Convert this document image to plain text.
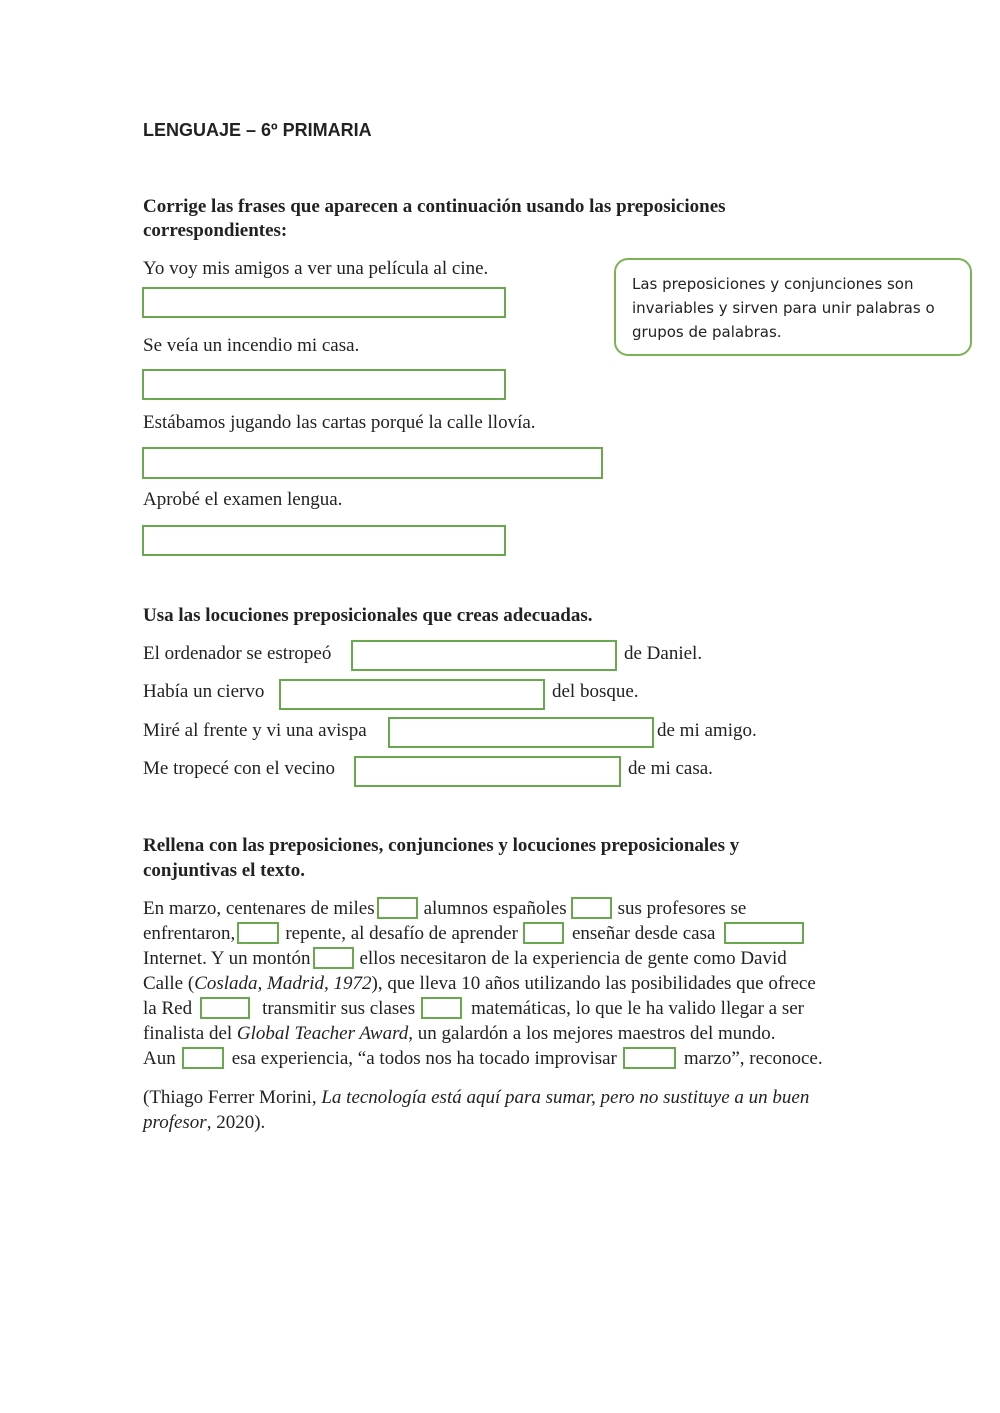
LENGUAJE – 6º PRIMARIA
Corrige las frases que aparecen a continuación usando las preposiciones
correspondientes:
Yo voy mis amigos a ver una película al cine.
Se veía un incendio mi casa.
Estábamos jugando las cartas porqué la calle llovía.
Aprobé el examen lengua.
Las preposiciones y conjunciones son
invariables y sirven para unir palabras o
grupos de palabras.
Usa las locuciones preposicionales que creas adecuadas.
El ordenador se estropeó	de Daniel.
Había un ciervo	del bosque.
Miré al frente y vi una avispa	de mi amigo.
Me tropecé con el vecino	de mi casa.
Rellena con las preposiciones, conjunciones y locuciones preposicionales y
conjuntivas el texto.
En marzo, centenares de miles	alumnos españoles	sus profesores se
enfrentaron,	repente, al desafío de aprender	enseñar desde casa
Internet. Y un montón	ellos necesitaron de la experiencia de gente como David
Calle (Coslada, Madrid, 1972), que lleva 10 años utilizando las posibilidades que ofrece
la Red	transmitir sus clases	matemáticas, lo que le ha valido llegar a ser
finalista del Global Teacher Award, un galardón a los mejores maestros del mundo.
Aun	esa experiencia, “a todos nos ha tocado improvisar	marzo”, reconoce.
(Thiago Ferrer Morini, La tecnología está aquí para sumar, pero no sustituye a un buen
profesor, 2020).
